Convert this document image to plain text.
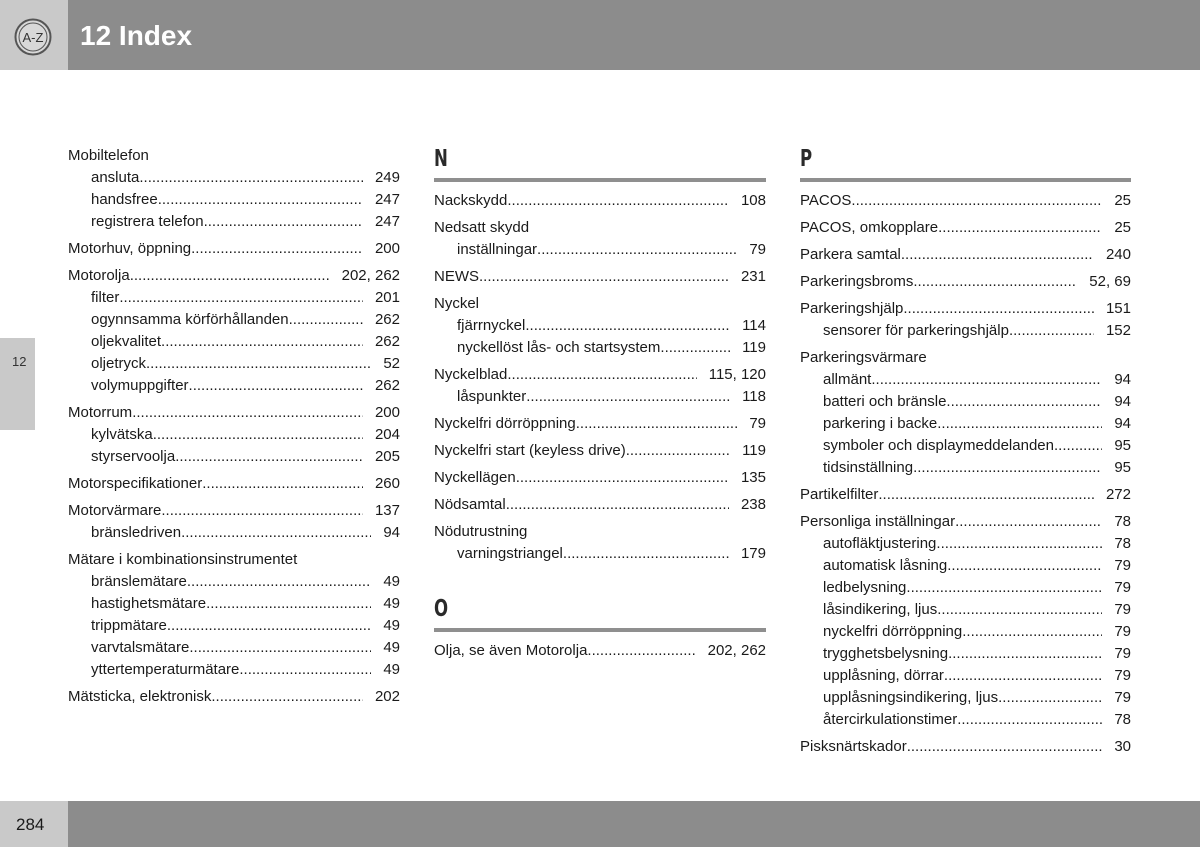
A-Z 12 Index
12
Mobiltelefon
ansluta .....	249
handsfree .....	247
registrera telefon .....	247
Motorhuv, öppning .....	200
Motorolja .....	202, 262
filter .....	201
ogynnsamma körförhållanden .....	262
oljekvalitet .....	262
oljetryck .....	52
volymuppgifter .....	262
Motorrum .....	200
kylvätska .....	204
styrservoolja .....	205
Motorspecifikationer .....	260
Motorvärmare .....	137
bränsledriven .....	94
Mätare i kombinationsinstrumentet
bränslemätare .....	49
hastighetsmätare .....	49
trippmätare .....	49
varvtalsmätare .....	49
yttertemperaturmätare .....	49
Mätsticka, elektronisk .....	202
N
Nackskydd .....	108
Nedsatt skydd
inställningar .....	79
NEWS .....	231
Nyckel
fjärrnyckel .....	114
nyckellöst lås- och startsystem .....	119
Nyckelblad .....	115, 120
låspunkter .....	118
Nyckelfri dörröppning .....	79
Nyckelfri start (keyless drive) .....	119
Nyckellägen .....	135
Nödsamtal .....	238
Nödutrustning
varningstriangel .....	179
O
Olja, se även Motorolja .....	202, 262
P
PACOS .....	25
PACOS, omkopplare .....	25
Parkera samtal .....	240
Parkeringsbroms .....	52, 69
Parkeringshjälp .....	151
sensorer för parkeringshjälp .....	152
Parkeringsvärmare
allmänt .....	94
batteri och bränsle .....	94
parkering i backe .....	94
symboler och displaymeddelanden .....	95
tidsinställning .....	95
Partikelfilter .....	272
Personliga inställningar .....	78
autofläktjustering .....	78
automatisk låsning .....	79
ledbelysning .....	79
låsindikering, ljus .....	79
nyckelfri dörröppning .....	79
trygghetsbelysning .....	79
upplåsning, dörrar .....	79
upplåsningsindikering, ljus .....	79
återcirkulationstimer .....	78
Pisksnärtskador .....	30
284
